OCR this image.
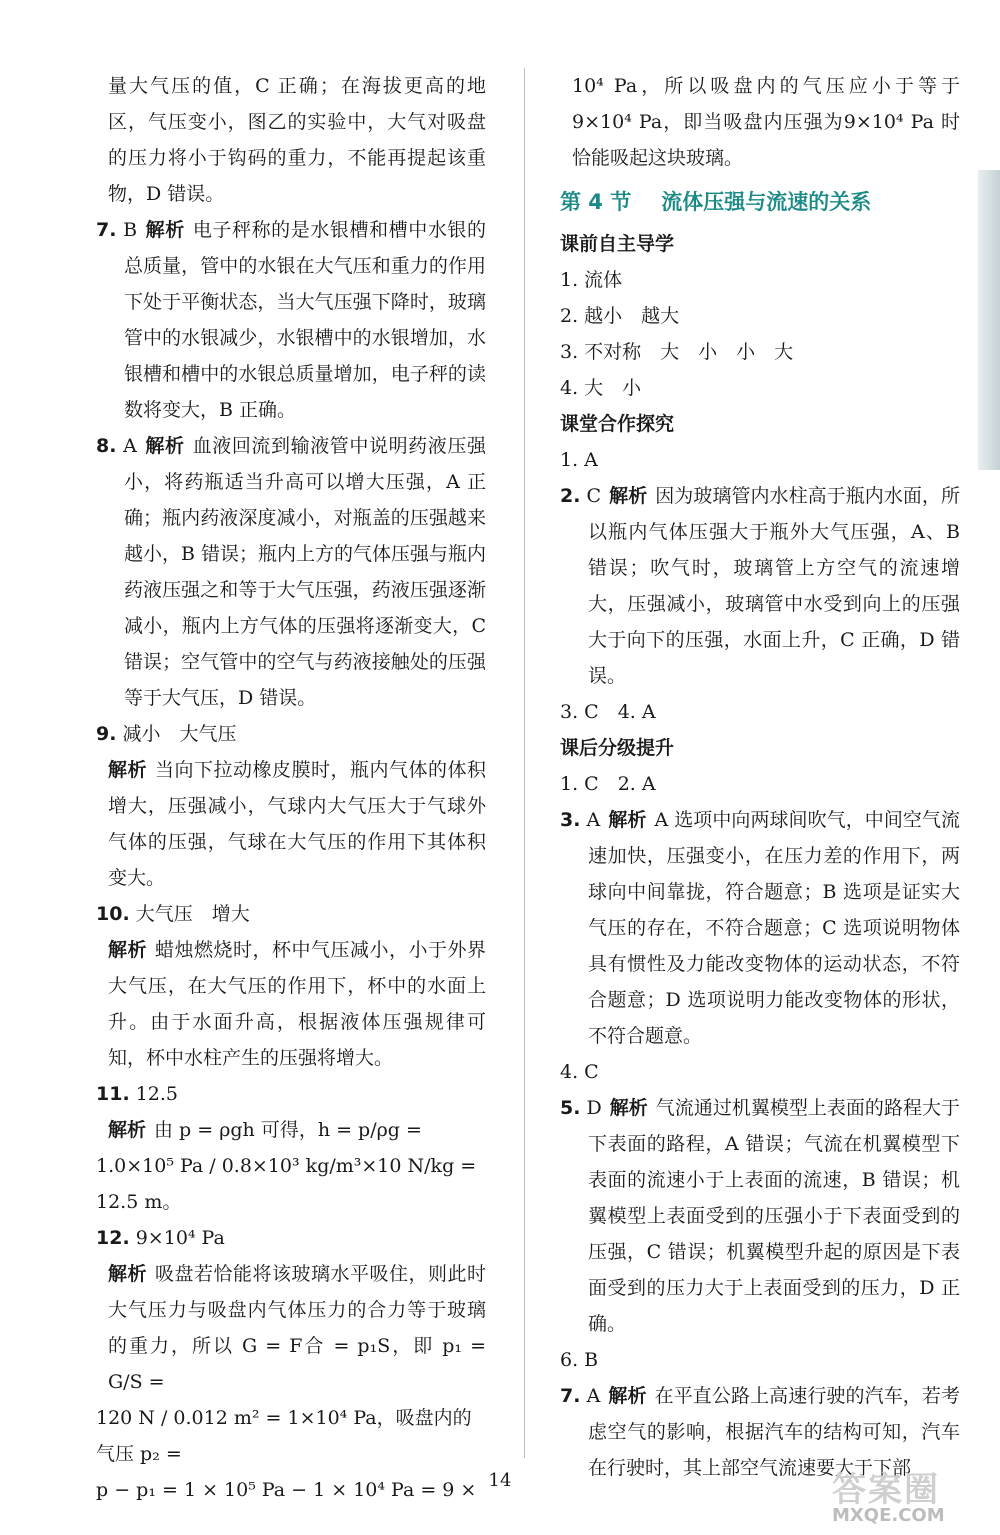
量大气压的值，C 正确；在海拔更高的地区，气压变小，图乙的实验中，大气对吸盘的压力将小于钩码的重力，不能再提起该重物，D 错误。

7. B 解析 电子秤称的是水银槽和槽中水银的总质量，管中的水银在大气压和重力的作用下处于平衡状态，当大气压强下降时，玻璃管中的水银减少，水银槽中的水银增加，水银槽和槽中的水银总质量增加，电子秤的读数将变大，B 正确。

8. A 解析 血液回流到输液管中说明药液压强小，将药瓶适当升高可以增大压强，A 正确；瓶内药液深度减小，对瓶盖的压强越来越小，B 错误；瓶内上方的气体压强与瓶内药液压强之和等于大气压强，药液压强逐渐减小，瓶内上方气体的压强将逐渐变大，C 错误；空气管中的空气与药液接触处的压强等于大气压，D 错误。

9. 减小　大气压

解析 当向下拉动橡皮膜时，瓶内气体的体积增大，压强减小，气球内大气压大于气球外气体的压强，气球在大气压的作用下其体积变大。

10. 大气压　增大

解析 蜡烛燃烧时，杯中气压减小，小于外界大气压，在大气压的作用下，杯中的水面上升。由于水面升高，根据液体压强规律可知，杯中水柱产生的压强将增大。

11. 12.5

解析 由 p = ρgh 可得，h = p/ρg =

1.0×10⁵ Pa / 0.8×10³ kg/m³×10 N/kg = 12.5 m。

12. 9×10⁴ Pa

解析 吸盘若恰能将该玻璃水平吸住，则此时大气压力与吸盘内气体压力的合力等于玻璃的重力，所以 G = F合 = p₁S，即 p₁ = G/S =

120 N / 0.012 m² = 1×10⁴ Pa，吸盘内的气压 p₂ =

p − p₁ = 1 × 10⁵ Pa − 1 × 10⁴ Pa = 9 ×

10⁴ Pa，所以吸盘内的气压应小于等于 9×10⁴ Pa，即当吸盘内压强为9×10⁴ Pa 时恰能吸起这块玻璃。

第 4 节 流体压强与流速的关系

课前自主导学

1. 流体

2. 越小　越大

3. 不对称　大　小　小　大

4. 大　小

课堂合作探究

1. A

2. C 解析 因为玻璃管内水柱高于瓶内水面，所以瓶内气体压强大于瓶外大气压强，A、B 错误；吹气时，玻璃管上方空气的流速增大，压强减小，玻璃管中水受到向上的压强大于向下的压强，水面上升，C 正确，D 错误。

3. C　4. A

课后分级提升

1. C　2. A

3. A 解析 A 选项中向两球间吹气，中间空气流速加快，压强变小，在压力差的作用下，两球向中间靠拢，符合题意；B 选项是证实大气压的存在，不符合题意；C 选项说明物体具有惯性及力能改变物体的运动状态，不符合题意；D 选项说明力能改变物体的形状，不符合题意。

4. C

5. D 解析 气流通过机翼模型上表面的路程大于下表面的路程，A 错误；气流在机翼模型下表面的流速小于上表面的流速，B 错误；机翼模型上表面受到的压强小于下表面受到的压强，C 错误；机翼模型升起的原因是下表面受到的压力大于上表面受到的压力，D 正确。

6. B

7. A 解析 在平直公路上高速行驶的汽车，若考虑空气的影响，根据汽车的结构可知，汽车在行驶时，其上部空气流速要大于下部

14	答案圈
MXQE.COM
